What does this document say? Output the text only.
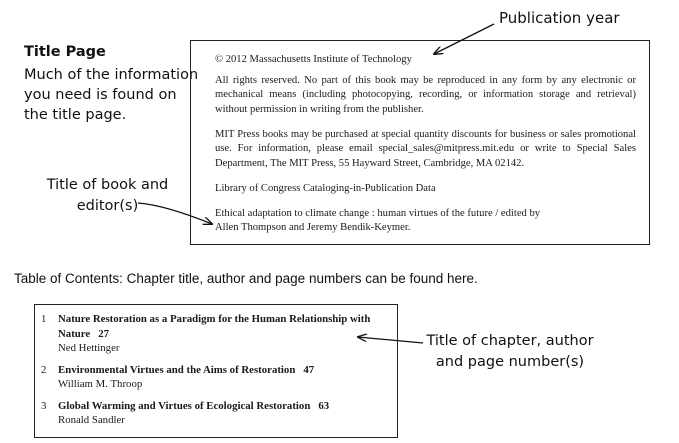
Publication year
Title Page
Much of the information you need is found on the title page.
Title of book and editor(s)
Table of Contents: Chapter title, author and page numbers can be found here.
Title of chapter, author and page number(s)

© 2012 Massachusetts Institute of Technology

All rights reserved. No part of this book may be reproduced in any form by any electronic or mechanical means (including photocopying, recording, or information storage and retrieval) without permission in writing from the publisher.

MIT Press books may be purchased at special quantity discounts for business or sales promotional use. For information, please email special_sales@mitpress.mit.edu or write to Special Sales Department, The MIT Press, 55 Hayward Street, Cambridge, MA 02142.

Library of Congress Cataloging-in-Publication Data

Ethical adaptation to climate change : human virtues of the future / edited by
Allen Thompson and Jeremy Bendik-Keymer.

1	Nature Restoration as a Paradigm for the Human Relationship with Nature 27
Ned Hettinger
2	Environmental Virtues and the Aims of Restoration 47
William M. Throop
3	Global Warming and Virtues of Ecological Restoration 63
Ronald Sandler
